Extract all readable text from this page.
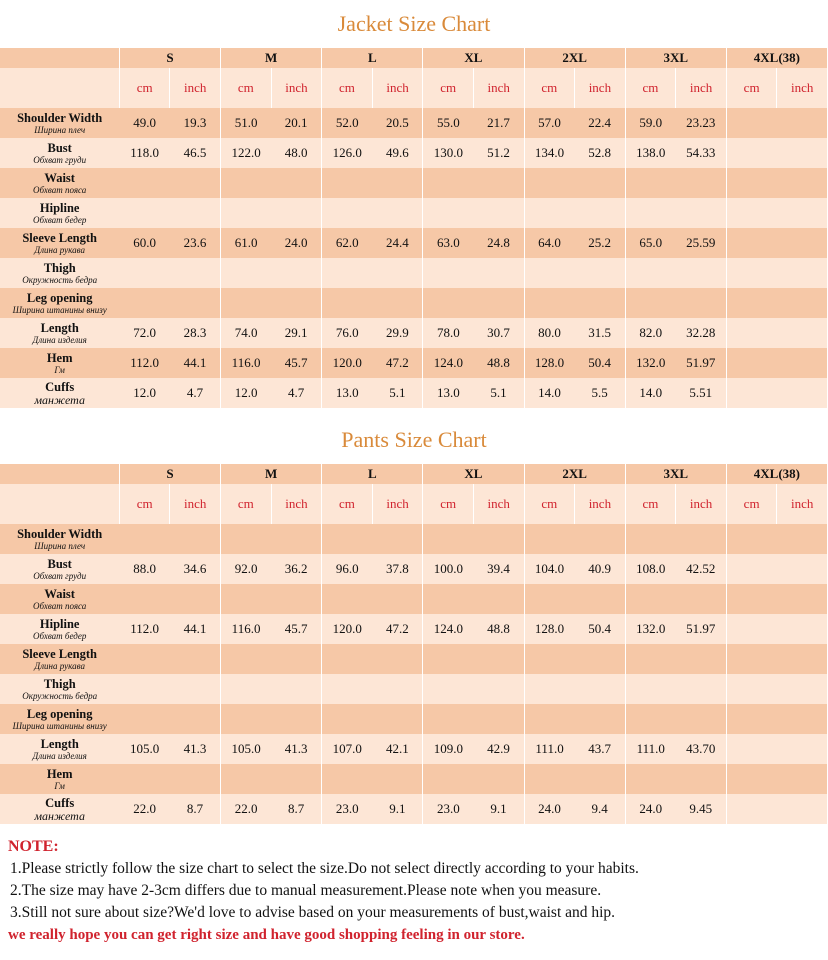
Jacket Size Chart
	S		M		L		XL		2XL		3XL		4XL(38)	
	cm	inch	cm	inch	cm	inch	cm	inch	cm	inch	cm	inch	cm	inch

Shoulder Width
Ширина плеч	49.0	19.3	51.0	20.1	52.0	20.5	55.0	21.7	57.0	22.4	59.0	23.23		

Bust
Обхват груди	118.0	46.5	122.0	48.0	126.0	49.6	130.0	51.2	134.0	52.8	138.0	54.33		

Waist
Обхват пояса														

Hipline
Обхват бедер														

Sleeve Length
Длина рукава	60.0	23.6	61.0	24.0	62.0	24.4	63.0	24.8	64.0	25.2	65.0	25.59		

Thigh
Окружность бедра														

Leg opening
Ширина штанины внизу														

Length
Длина изделия	72.0	28.3	74.0	29.1	76.0	29.9	78.0	30.7	80.0	31.5	82.0	32.28		

Hem
Гм	112.0	44.1	116.0	45.7	120.0	47.2	124.0	48.8	128.0	50.4	132.0	51.97		

Cuffs
манжета	12.0	4.7	12.0	4.7	13.0	5.1	13.0	5.1	14.0	5.5	14.0	5.51		
Pants Size Chart
	S		M		L		XL		2XL		3XL		4XL(38)	
	cm	inch	cm	inch	cm	inch	cm	inch	cm	inch	cm	inch	cm	inch

Shoulder Width
Ширина плеч														

Bust
Обхват груди	88.0	34.6	92.0	36.2	96.0	37.8	100.0	39.4	104.0	40.9	108.0	42.52		

Waist
Обхват пояса														

Hipline
Обхват бедер	112.0	44.1	116.0	45.7	120.0	47.2	124.0	48.8	128.0	50.4	132.0	51.97		

Sleeve Length
Длина рукава														

Thigh
Окружность бедра														

Leg opening
Ширина штанины внизу														

Length
Длина изделия	105.0	41.3	105.0	41.3	107.0	42.1	109.0	42.9	111.0	43.7	111.0	43.70		

Hem
Гм														

Cuffs
манжета	22.0	8.7	22.0	8.7	23.0	9.1	23.0	9.1	24.0	9.4	24.0	9.45		
NOTE:
1.Please strictly follow the size chart to select the size.Do not select directly according to your habits.
2.The size may have 2-3cm differs due to manual measurement.Please note when you measure.
3.Still not sure about size?We'd love to advise based on your measurements of bust,waist and hip.
we really hope you can get right size and have good shopping feeling in our store.
